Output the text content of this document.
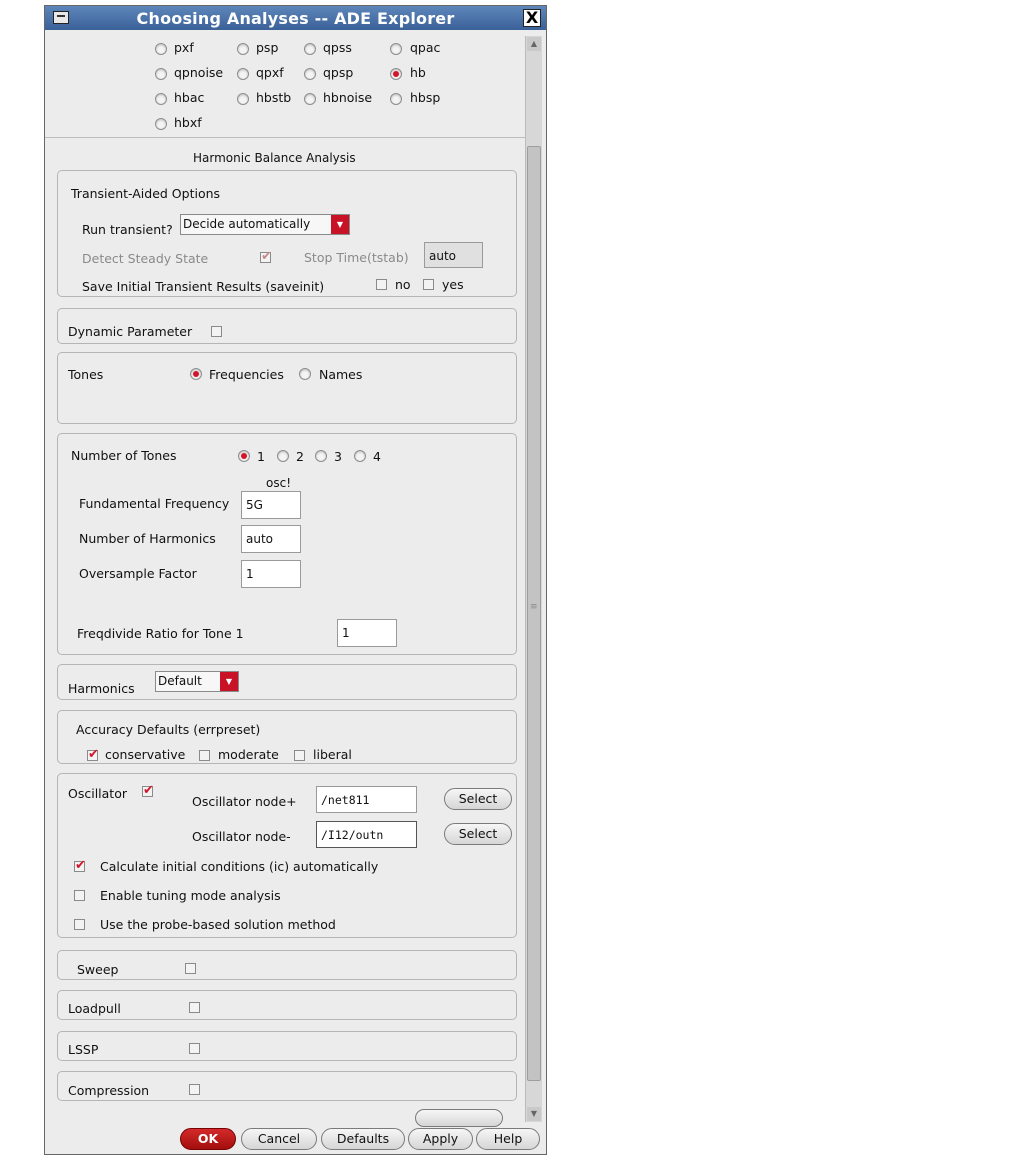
Choosing Analyses -- ADE Explorer	X
▲
≡
▼
pxf	psp	qpss	qpac
qpnoise	qpxf	qpsp	hb
hbac	hbstb	hbnoise	hbsp
hbxf
Harmonic Balance Analysis
Transient-Aided Options
Run transient? Decide automatically	▼
Detect Steady State	✔	Stop Time(tstab)	auto
Save Initial Transient Results (saveinit)	no	yes
Dynamic Parameter
Tones	Frequencies	Names
Number of Tones	1 2 3 4
osc!
Fundamental Frequency	5G
Number of Harmonics	auto
Oversample Factor	1
Freqdivide Ratio for Tone 1	1
Harmonics Default	▼
Accuracy Defaults (errpreset)
✔ conservative	moderate	liberal
Oscillator ✔
Oscillator node+	/net811	Select
Oscillator node-	/I12/outn	Select
✔ Calculate initial conditions (ic) automatically
Enable tuning mode analysis
Use the probe-based solution method
Sweep
Loadpull
LSSP
Compression
OK	Cancel	Defaults	Apply	Help
